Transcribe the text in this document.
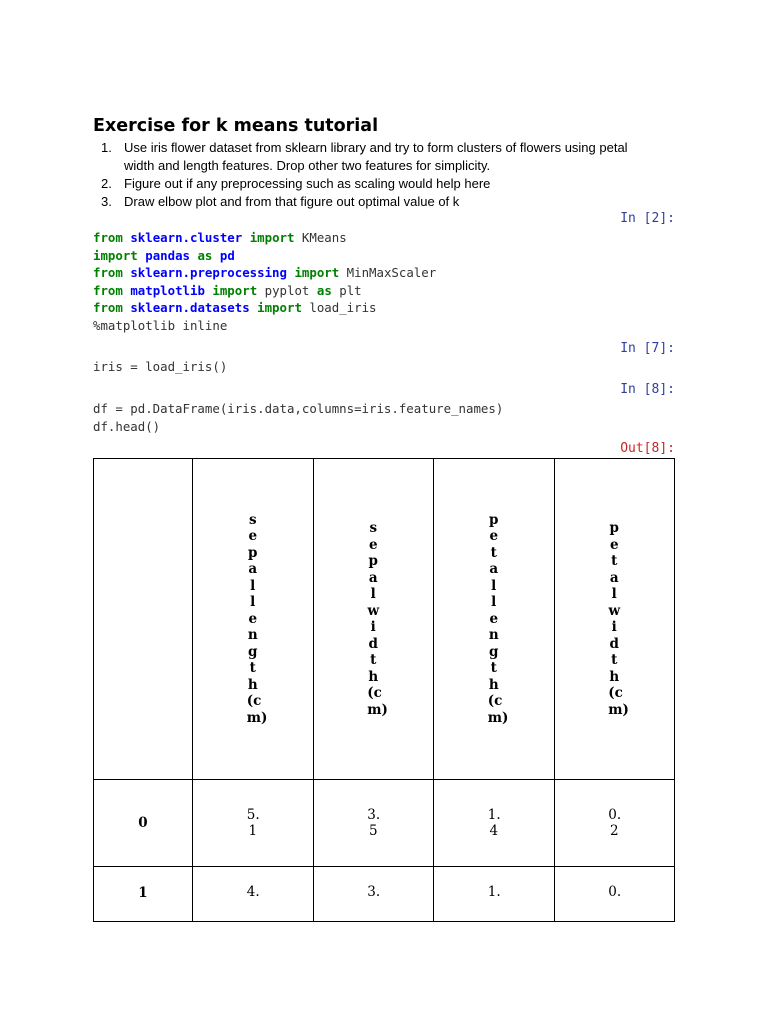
Exercise for k means tutorial
1. Use iris flower dataset from sklearn library and try to form clusters of flowers using petal width and length features. Drop other two features for simplicity.
2. Figure out if any preprocessing such as scaling would help here
3. Draw elbow plot and from that figure out optimal value of k
In [2]:
from sklearn.cluster import KMeans
import pandas as pd
from sklearn.preprocessing import MinMaxScaler
from matplotlib import pyplot as plt
from sklearn.datasets import load_iris
%matplotlib inline
In [7]:
iris = load_iris()
In [8]:
df = pd.DataFrame(iris.data,columns=iris.feature_names)
df.head()
Out[8]:
	sepal length (cm)	sepal width (cm)	petal length (cm)	petal width (cm)
0	5.1	3.5	1.4	0.2
1	4.	3.	1.	0.
